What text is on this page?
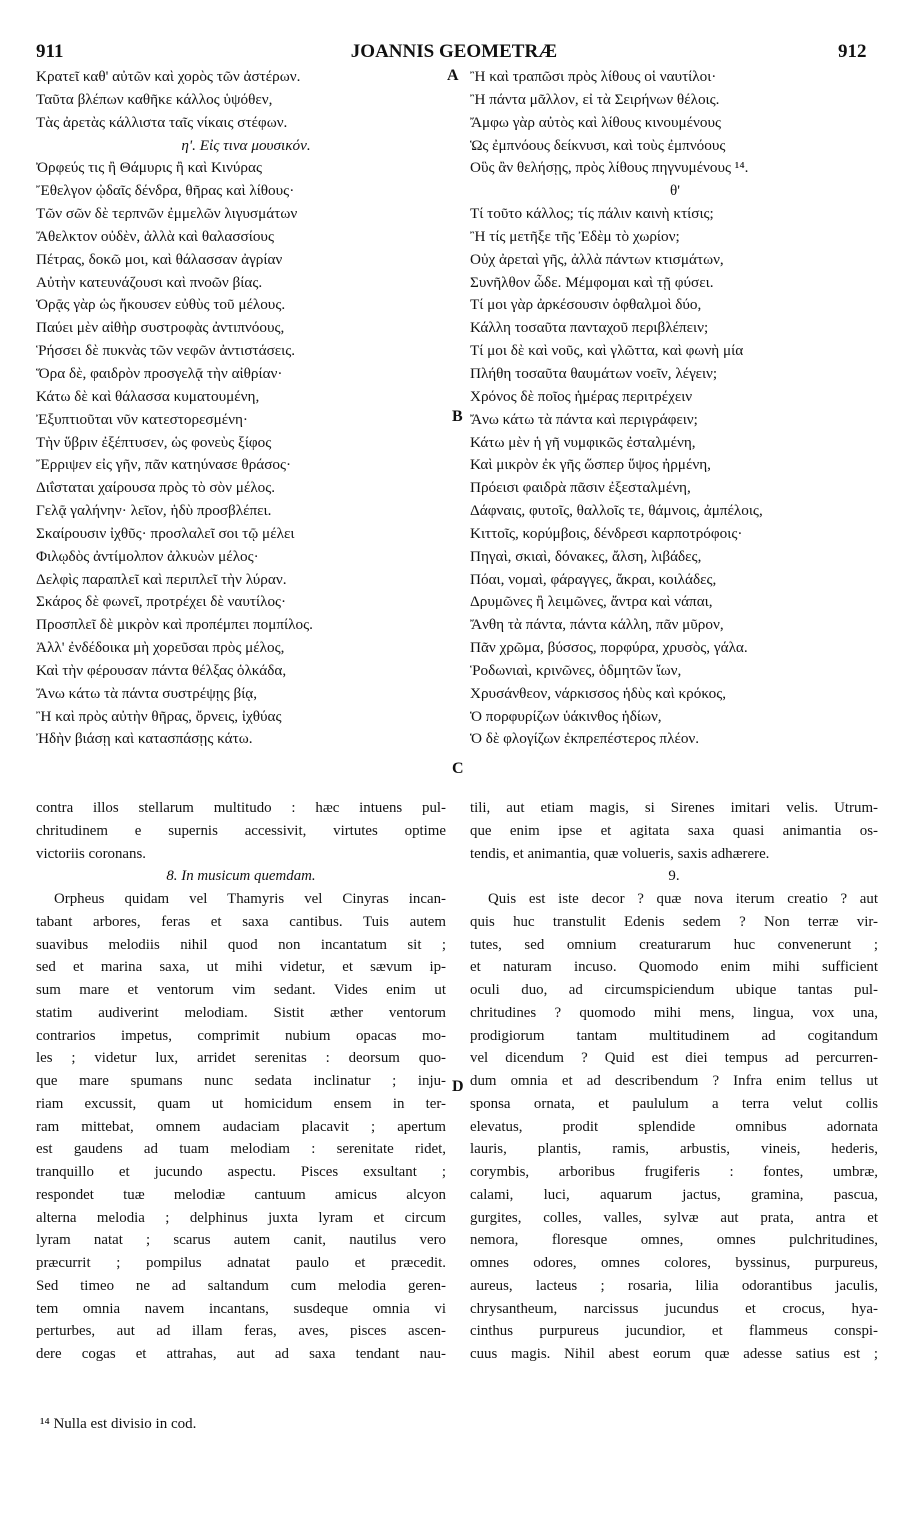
911	JOANNIS GEOMETRÆ	912
Κρατεῖ καθ' αὐτῶν καὶ χορὸς τῶν ἀστέρων.
Ταῦτα βλέπων καθῆκε κάλλος ὑψόθεν,
Τὰς ἀρετὰς κάλλιστα ταῖς νίκαις στέφων.
η'. Εἰς τινα μουσικόν.
Ὀρφεύς τις ἢ Θάμυρις ἢ καὶ Κινύρας
Ἔθελγον ᾠδαῖς δένδρα, θῆρας καὶ λίθους·
Τῶν σῶν δὲ τερπνῶν ἐμμελῶν λιγυσμάτων
Ἄθελκτον οὐδὲν, ἀλλὰ καὶ θαλασσίους
Πέτρας, δοκῶ μοι, καὶ θάλασσαν ἀγρίαν
Αὐτὴν κατευνάζουσι καὶ πνοῶν βίας.
Ὁρᾷς γὰρ ὡς ἤκουσεν εὐθὺς τοῦ μέλους.
Παύει μὲν αἰθὴρ συστροφὰς ἀντιπνόους,
Ῥήσσει δὲ πυκνὰς τῶν νεφῶν ἀντιστάσεις.
Ὅρα δὲ, φαιδρὸν προσγελᾷ τὴν αἰθρίαν·
Κάτω δὲ καὶ θάλασσα κυματουμένη,
Ἐξυπτιοῦται νῦν κατεστορεσμένη·
Τὴν ὕβριν ἐξέπτυσεν, ὡς φονεὺς ξίφος
Ἔρριψεν εἰς γῆν, πᾶν κατηύνασε θράσος·
Διΐσταται χαίρουσα πρὸς τὸ σὸν μέλος.
Γελᾷ γαλήνην· λεῖον, ἡδὺ προσβλέπει.
Σκαίρουσιν ἰχθῦς· προσλαλεῖ σοι τῷ μέλει
Φιλῳδὸς ἀντίμολπον ἀλκυὼν μέλος·
Δελφὶς παραπλεῖ καὶ περιπλεῖ τὴν λύραν.
Σκάρος δὲ φωνεῖ, προτρέχει δὲ ναυτίλος·
Προσπλεῖ δὲ μικρὸν καὶ προπέμπει πομπίλος.
Ἀλλ' ἐνδέδοικα μὴ χορεῦσαι πρὸς μέλος,
Καὶ τὴν φέρουσαν πάντα θέλξας ὁλκάδα,
Ἄνω κάτω τὰ πάντα συστρέψῃς βίᾳ,
Ἢ καὶ πρὸς αὐτὴν θῆρας, ὄρνεις, ἰχθύας
Ἠδὴν βιάσῃ καὶ κατασπάσῃς κάτω.
Ἢ καὶ τραπῶσι πρὸς λίθους οἱ ναυτίλοι·
Ἢ πάντα μᾶλλον, εἰ τὰ Σειρήνων θέλοις.
Ἄμφω γὰρ αὐτὸς καὶ λίθους κινουμένους
Ὡς ἐμπνόους δείκνυσι, καὶ τοὺς ἐμπνόους
Οὓς ἂν θελήσῃς, πρὸς λίθους πηγνυμένους ¹⁴.
θ'
Τί τοῦτο κάλλος; τίς πάλιν καινὴ κτίσις;
Ἢ τίς μετῆξε τῆς Ἐδὲμ τὸ χωρίον;
Οὐχ ἀρεταὶ γῆς, ἀλλὰ πάντων κτισμάτων,
Συνῆλθον ὧδε. Μέμφομαι καὶ τῇ φύσει.
Τί μοι γὰρ ἀρκέσουσιν ὀφθαλμοὶ δύο,
Κάλλη τοσαῦτα πανταχοῦ περιβλέπειν;
Τί μοι δὲ καὶ νοῦς, καὶ γλῶττα, καὶ φωνὴ μία
Πλήθη τοσαῦτα θαυμάτων νοεῖν, λέγειν;
Χρόνος δὲ ποῖος ἡμέρας περιτρέχειν
Ἄνω κάτω τὰ πάντα καὶ περιγράφειν;
Κάτω μὲν ἡ γῆ νυμφικῶς ἐσταλμένη,
Καὶ μικρὸν ἐκ γῆς ὥσπερ ὕψος ἠρμένη,
Πρόεισι φαιδρὰ πᾶσιν ἐξεσταλμένη,
Δάφναις, φυτοῖς, θαλλοῖς τε, θάμνοις, ἀμπέλοις,
Κιττοῖς, κορύμβοις, δένδρεσι καρποτρόφοις·
Πηγαὶ, σκιαὶ, δόνακες, ἄλση, λιβάδες,
Πόαι, νομαὶ, φάραγγες, ἄκραι, κοιλάδες,
Δρυμῶνες ἢ λειμῶνες, ἄντρα καὶ νάπαι,
Ἄνθη τὰ πάντα, πάντα κάλλη, πᾶν μῦρον,
Πᾶν χρῶμα, βύσσος, πορφύρα, χρυσὸς, γάλα.
Ῥοδωνιαὶ, κρινῶνες, ὀδμητῶν ἴων,
Χρυσάνθεον, νάρκισσος ἡδὺς καὶ κρόκος,
Ὁ πορφυρίζων ὑάκινθος ἡδίων,
Ὁ δὲ φλογίζων ἐκπρεπέστερος πλέον.
A
B
C
D
contra illos stellarum multitudo : hæc intuens pul-
chritudinem e supernis accessivit, virtutes optime
victoriis coronans.
8. In musicum quemdam.
Orpheus quidam vel Thamyris vel Cinyras incan-
tabant arbores, feras et saxa cantibus. Tuis autem
suavibus melodiis nihil quod non incantatum sit ;
sed et marina saxa, ut mihi videtur, et sævum ip-
sum mare et ventorum vim sedant. Vides enim ut
statim audiverint melodiam. Sistit æther ventorum
contrarios impetus, comprimit nubium opacas mo-
les ; videtur lux, arridet serenitas : deorsum quo-
que mare spumans nunc sedata inclinatur ; inju-
riam excussit, quam ut homicidum ensem in ter-
ram mittebat, omnem audaciam placavit ; apertum
est gaudens ad tuam melodiam : serenitate ridet,
tranquillo et jucundo aspectu. Pisces exsultant ;
respondet tuæ melodiæ cantuum amicus alcyon
alterna melodia ; delphinus juxta lyram et circum
lyram natat ; scarus autem canit, nautilus vero
præcurrit ; pompilus adnatat paulo et præcedit.
Sed timeo ne ad saltandum cum melodia geren-
tem omnia navem incantans, susdeque omnia vi
perturbes, aut ad illam feras, aves, pisces ascen-
dere cogas et attrahas, aut ad saxa tendant nau-
tili, aut etiam magis, si Sirenes imitari velis. Utrum-
que enim ipse et agitata saxa quasi animantia os-
tendis, et animantia, quæ volueris, saxis adhærere.
9.
Quis est iste decor ? quæ nova iterum creatio ? aut
quis huc transtulit Edenis sedem ? Non terræ vir-
tutes, sed omnium creaturarum huc convenerunt ;
et naturam incuso. Quomodo enim mihi sufficient
oculi duo, ad circumspiciendum ubique tantas pul-
chritudines ? quomodo mihi mens, lingua, vox una,
prodigiorum tantam multitudinem ad cogitandum
vel dicendum ? Quid est diei tempus ad percurren-
dum omnia et ad describendum ? Infra enim tellus ut
sponsa ornata, et paululum a terra velut collis
elevatus, prodit splendide omnibus adornata
lauris, plantis, ramis, arbustis, vineis, hederis,
corymbis, arboribus frugiferis : fontes, umbræ,
calami, luci, aquarum jactus, gramina, pascua,
gurgites, colles, valles, sylvæ aut prata, antra et
nemora, floresque omnes, omnes pulchritudines,
omnes odores, omnes colores, byssinus, purpureus,
aureus, lacteus ; rosaria, lilia odorantibus jaculis,
chrysantheum, narcissus jucundus et crocus, hya-
cinthus purpureus jucundior, et flammeus conspi-
cuus magis. Nihil abest eorum quæ adesse satius est ;
¹⁴ Nulla est divisio in cod.
